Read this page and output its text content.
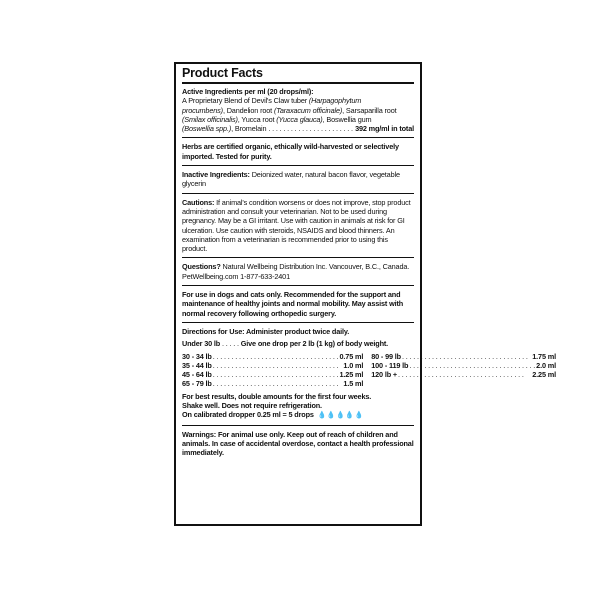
Product Facts
Active Ingredients per ml (20 drops/ml):
A Proprietary Blend of Devil's Claw tuber (Harpagophytum
procumbens), Dandelion root (Taraxacum officinale), Sarsaparilla root
(Smilax officinalis), Yucca root (Yucca glauca), Boswellia gum
(Boswellia spp.) , Bromelain . . .	392 mg/ml in total
Herbs are certified organic, ethically wild-harvested or selectively imported. Tested for purity.
Inactive Ingredients: Deionized water, natural bacon flavor, vegetable glycerin
Cautions: If animal's condition worsens or does not improve, stop product administration and consult your veterinarian. Not to be used during pregnancy. May be a GI irritant. Use with caution in animals at risk for GI ulceration. Use caution with steroids, NSAIDS and blood thinners. An examination from a veterinarian is recommended prior to using this product.
Questions? Natural Wellbeing Distribution Inc. Vancouver, B.C., Canada.
PetWellbeing.com 1-877-633-2401
For use in dogs and cats only. Recommended for the support and maintenance of healthy joints and normal mobility. May assist with normal recovery following orthopedic surgery.
Directions for Use: Administer product twice daily.
Under 30 lb . . . . . Give one drop per 2 lb (1 kg) of body weight.
30 - 34 lb . . .	0.75 ml
35 - 44 lb . . .	1.0 ml
45 - 64 lb . . .	1.25 ml
65 - 79 lb . . .	1.5 ml
80 - 99 lb . . .	1.75 ml
100 - 119 lb . . .	2.0 ml
120 lb + . . .	2.25 ml
For best results, double amounts for the first four weeks.
Shake well. Does not require refrigeration.
On calibrated dropper 0.25 ml = 5 drops 💧💧💧💧💧
Warnings: For animal use only. Keep out of reach of children and animals. In case of accidental overdose, contact a health professional immediately.
